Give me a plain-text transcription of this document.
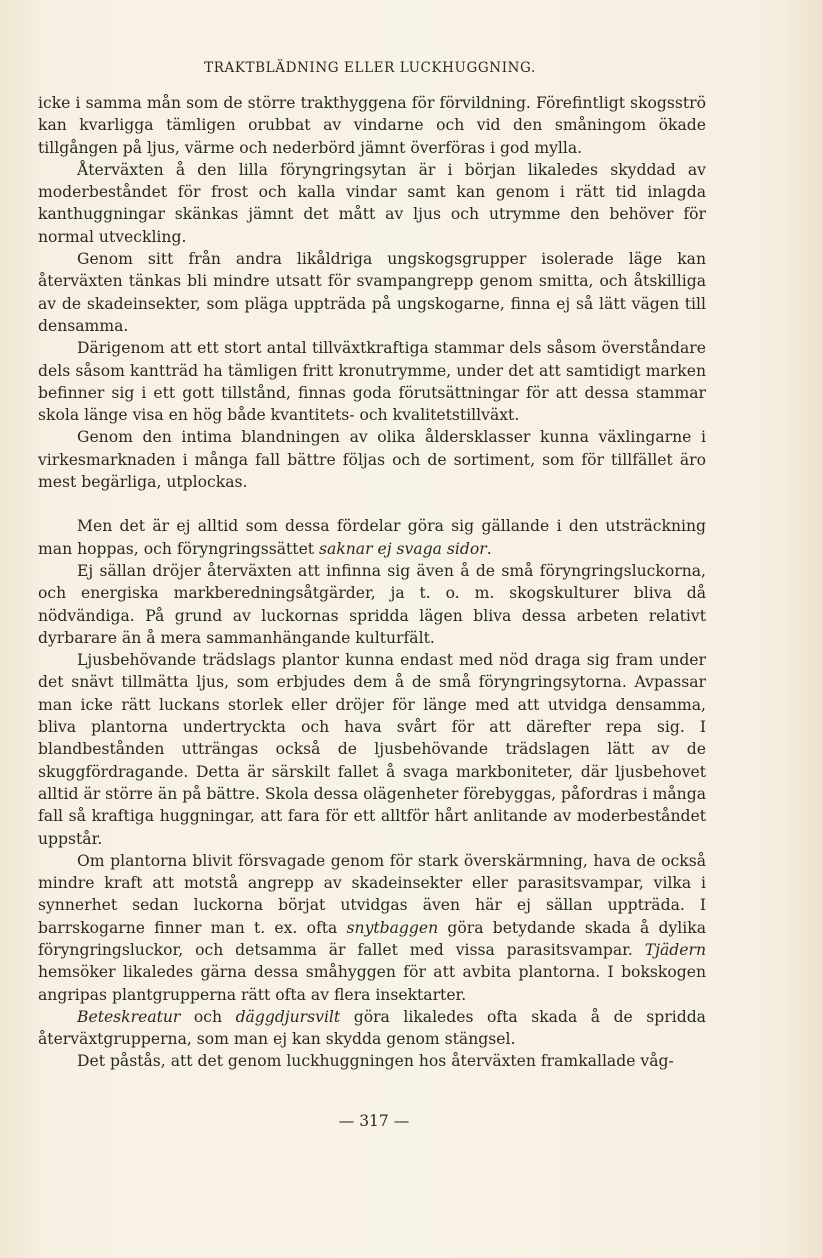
TRAKTBLÄDNING ELLER LUCKHUGGNING.

icke i samma mån som de större trakthyggena för förvildning. Förefintligt skogsströ kan kvarligga tämligen orubbat av vindarne och vid den småningom ökade tillgången på ljus, värme och nederbörd jämnt överföras i god mylla.

Återväxten å den lilla föryngringsytan är i början likaledes skyddad av moderbeståndet för frost och kalla vindar samt kan genom i rätt tid inlagda kanthuggningar skänkas jämnt det mått av ljus och utrymme den behöver för normal utveckling.

Genom sitt från andra likåldriga ungskogsgrupper isolerade läge kan återväxten tänkas bli mindre utsatt för svampangrepp genom smitta, och åtskilliga av de skadeinsekter, som pläga uppträda på ungskogarne, finna ej så lätt vägen till densamma.

Därigenom att ett stort antal tillväxtkraftiga stammar dels såsom överståndare dels såsom kantträd ha tämligen fritt kronutrymme, under det att samtidigt marken befinner sig i ett gott tillstånd, finnas goda förutsättningar för att dessa stammar skola länge visa en hög både kvantitets- och kvalitetstillväxt.

Genom den intima blandningen av olika åldersklasser kunna växlingarne i virkesmarknaden i många fall bättre följas och de sortiment, som för tillfället äro mest begärliga, utplockas.

Men det är ej alltid som dessa fördelar göra sig gällande i den utsträckning man hoppas, och föryngringssättet saknar ej svaga sidor.

Ej sällan dröjer återväxten att infinna sig även å de små föryngringsluckorna, och energiska markberedningsåtgärder, ja t. o. m. skogskulturer bliva då nödvändiga. På grund av luckornas spridda lägen bliva dessa arbeten relativt dyrbarare än å mera sammanhängande kulturfält.

Ljusbehövande trädslags plantor kunna endast med nöd draga sig fram under det snävt tillmätta ljus, som erbjudes dem å de små föryngringsytorna. Avpassar man icke rätt luckans storlek eller dröjer för länge med att utvidga densamma, bliva plantorna undertryckta och hava svårt för att därefter repa sig. I blandbestånden utträngas också de ljusbehövande trädslagen lätt av de skuggfördragande. Detta är särskilt fallet å svaga markboniteter, där ljusbehovet alltid är större än på bättre. Skola dessa olägenheter förebyggas, påfordras i många fall så kraftiga huggningar, att fara för ett alltför hårt anlitande av moderbeståndet uppstår.

Om plantorna blivit försvagade genom för stark överskärmning, hava de också mindre kraft att motstå angrepp av skadeinsekter eller parasitsvampar, vilka i synnerhet sedan luckorna börjat utvidgas även här ej sällan uppträda. I barrskogarne finner man t. ex. ofta snytbaggen göra betydande skada å dylika föryngringsluckor, och detsamma är fallet med vissa parasitsvampar. Tjädern hemsöker likaledes gärna dessa småhyggen för att avbita plantorna. I bokskogen angripas plantgrupperna rätt ofta av flera insektarter.

Beteskreatur och däggdjursvilt göra likaledes ofta skada å de spridda återväxtgrupperna, som man ej kan skydda genom stängsel.

Det påstås, att det genom luckhuggningen hos återväxten framkallade våg-

— 317 —
